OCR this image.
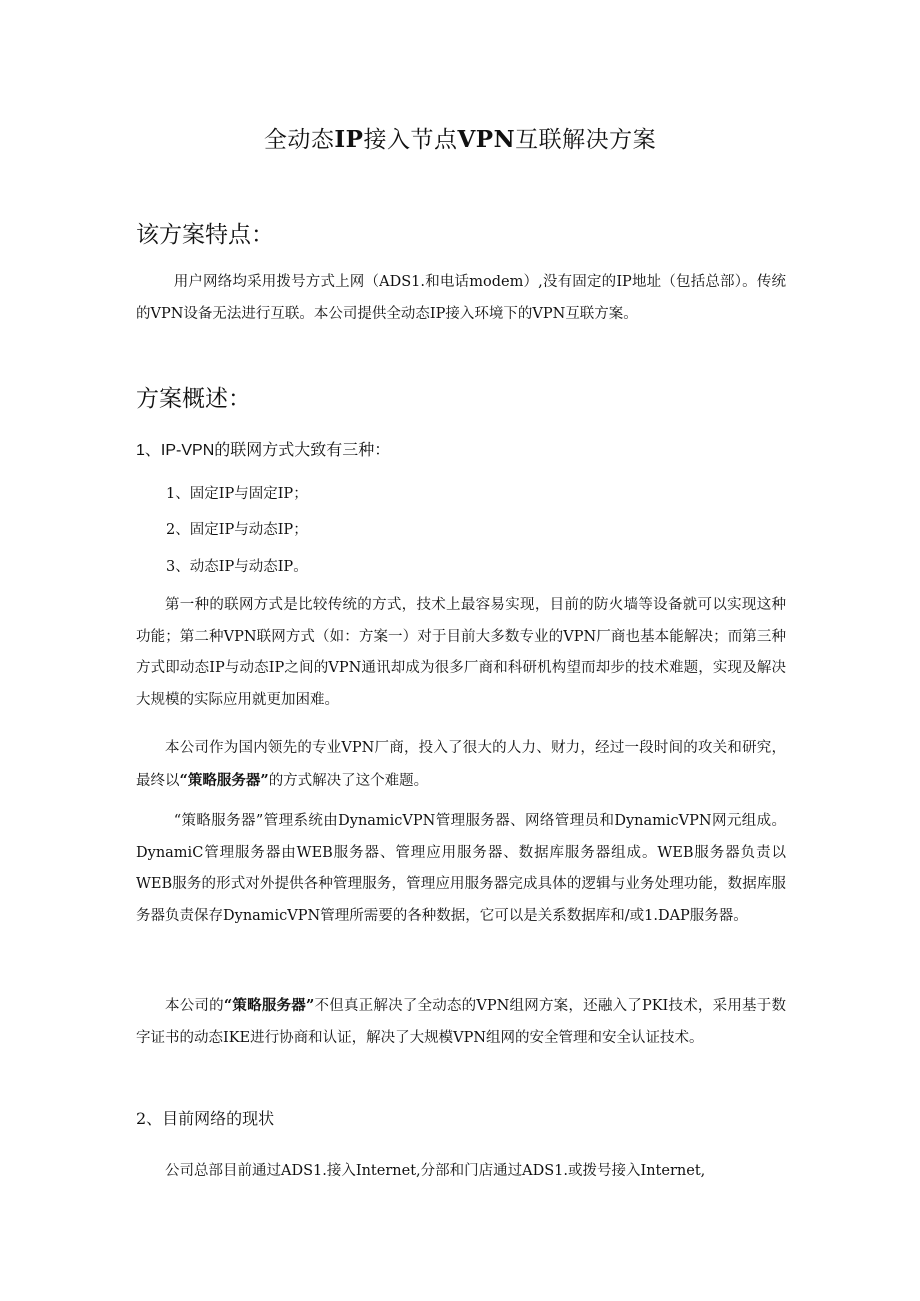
全动态IP接入节点VPN互联解决方案
该方案特点：
用户网络均采用拨号方式上网（ADS1.和电话modem）,没有固定的IP地址（包括总部）。传统的VPN设备无法进行互联。本公司提供全动态IP接入环境下的VPN互联方案。
方案概述：
1、IP-VPN的联网方式大致有三种：
1、固定IP与固定IP；
2、固定IP与动态IP；
3、动态IP与动态IP。
第一种的联网方式是比较传统的方式，技术上最容易实现，目前的防火墙等设备就可以实现这种功能；第二种VPN联网方式（如：方案一）对于目前大多数专业的VPN厂商也基本能解决；而第三种方式即动态IP与动态IP之间的VPN通讯却成为很多厂商和科研机构望而却步的技术难题，实现及解决大规模的实际应用就更加困难。
本公司作为国内领先的专业VPN厂商，投入了很大的人力、财力，经过一段时间的攻关和研究，最终以“策略服务器”的方式解决了这个难题。
“策略服务器”管理系统由DynamicVPN管理服务器、网络管理员和DynamicVPN网元组成。DynamiC管理服务器由WEB服务器、管理应用服务器、数据库服务器组成。WEB服务器负责以WEB服务的形式对外提供各种管理服务，管理应用服务器完成具体的逻辑与业务处理功能，数据库服务器负责保存DynamicVPN管理所需要的各种数据，它可以是关系数据库和/或1.DAP服务器。
本公司的“策略服务器”不但真正解决了全动态的VPN组网方案，还融入了PKI技术，采用基于数字证书的动态IKE进行协商和认证，解决了大规模VPN组网的安全管理和安全认证技术。
2、目前网络的现状
公司总部目前通过ADS1.接入Internet,分部和门店通过ADS1.或拨号接入Internet,
